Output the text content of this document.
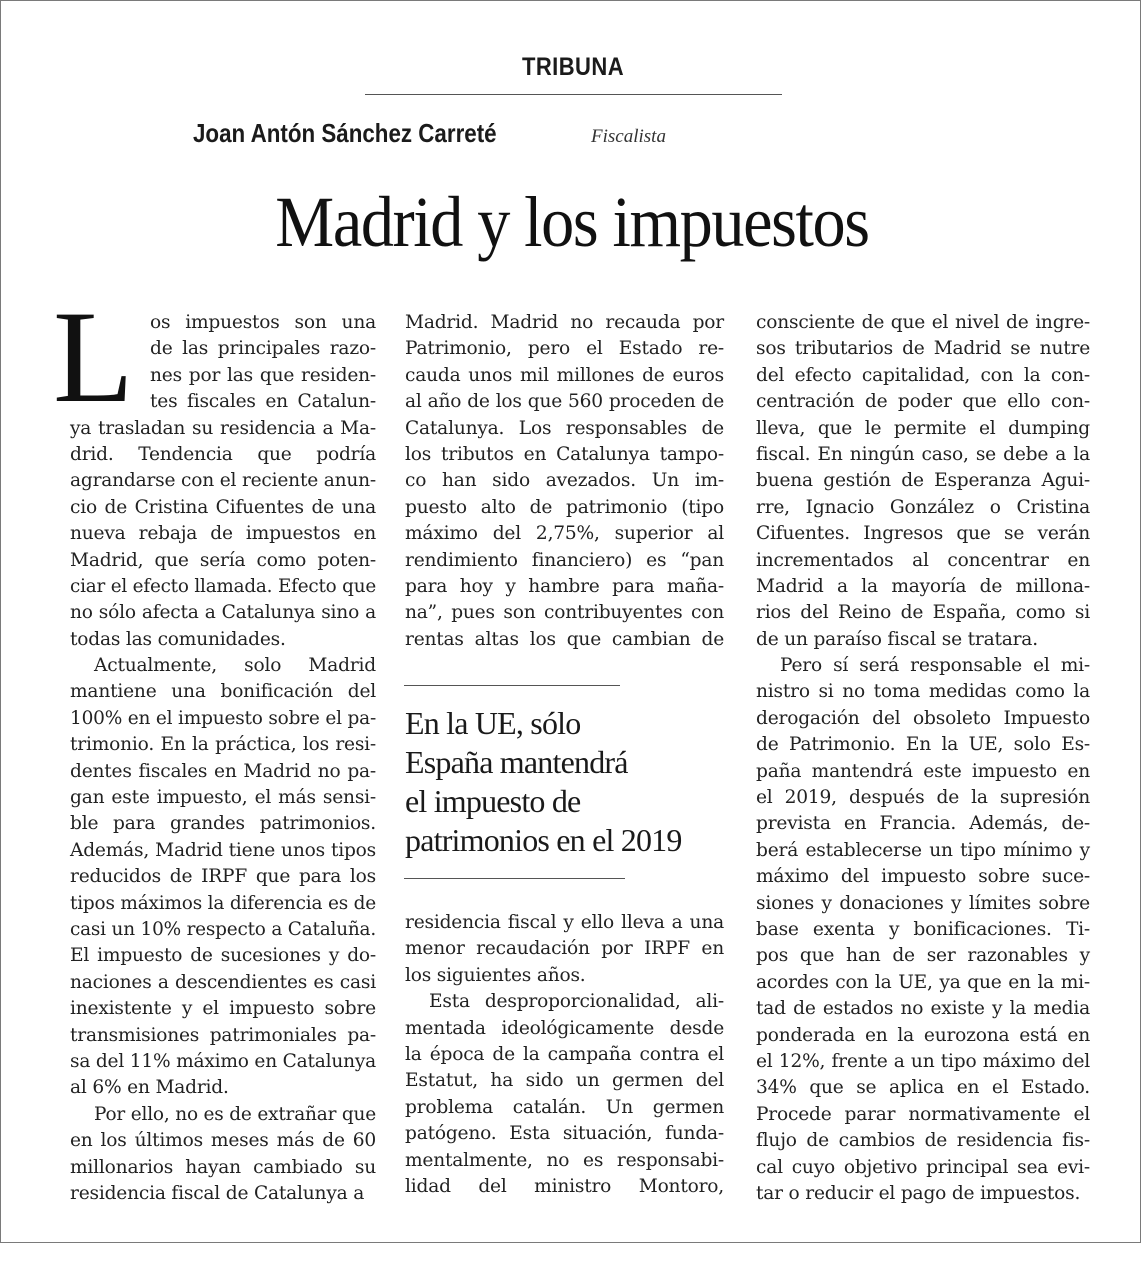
TRIBUNA
Joan Antón Sánchez Carreté	Fiscalista
Madrid y los impuestos
L os impuestos son una
de las principales razo-
nes por las que residen-
tes fiscales en Catalun-
ya trasladan su residencia a Ma-
drid. Tendencia que podría
agrandarse con el reciente anun-
cio de Cristina Cifuentes de una
nueva rebaja de impuestos en
Madrid, que sería como poten-
ciar el efecto llamada. Efecto que
no sólo afecta a Catalunya sino a
todas las comunidades.
Actualmente, solo Madrid
mantiene una bonificación del
100% en el impuesto sobre el pa-
trimonio. En la práctica, los resi-
dentes fiscales en Madrid no pa-
gan este impuesto, el más sensi-
ble para grandes patrimonios.
Además, Madrid tiene unos tipos
reducidos de IRPF que para los
tipos máximos la diferencia es de
casi un 10% respecto a Cataluña.
El impuesto de sucesiones y do-
naciones a descendientes es casi
inexistente y el impuesto sobre
transmisiones patrimoniales pa-
sa del 11% máximo en Catalunya
al 6% en Madrid.
Por ello, no es de extrañar que
en los últimos meses más de 60
millonarios hayan cambiado su
residencia fiscal de Catalunya a
Madrid. Madrid no recauda por
Patrimonio, pero el Estado re-
cauda unos mil millones de euros
al año de los que 560 proceden de
Catalunya. Los responsables de
los tributos en Catalunya tampo-
co han sido avezados. Un im-
puesto alto de patrimonio (tipo
máximo del 2,75%, superior al
rendimiento financiero) es “pan
para hoy y hambre para maña-
na”, pues son contribuyentes con
rentas altas los que cambian de
En la UE, sólo
España mantendrá
el impuesto de
patrimonios en el 2019
residencia fiscal y ello lleva a una
menor recaudación por IRPF en
los siguientes años.
Esta desproporcionalidad, ali-
mentada ideológicamente desde
la época de la campaña contra el
Estatut, ha sido un germen del
problema catalán. Un germen
patógeno. Esta situación, funda-
mentalmente, no es responsabi-
lidad del ministro Montoro,
consciente de que el nivel de ingre-
sos tributarios de Madrid se nutre
del efecto capitalidad, con la con-
centración de poder que ello con-
lleva, que le permite el dumping
fiscal. En ningún caso, se debe a la
buena gestión de Esperanza Agui-
rre, Ignacio González o Cristina
Cifuentes. Ingresos que se verán
incrementados al concentrar en
Madrid a la mayoría de millona-
rios del Reino de España, como si
de un paraíso fiscal se tratara.
Pero sí será responsable el mi-
nistro si no toma medidas como la
derogación del obsoleto Impuesto
de Patrimonio. En la UE, solo Es-
paña mantendrá este impuesto en
el 2019, después de la supresión
prevista en Francia. Además, de-
berá establecerse un tipo mínimo y
máximo del impuesto sobre suce-
siones y donaciones y límites sobre
base exenta y bonificaciones. Ti-
pos que han de ser razonables y
acordes con la UE, ya que en la mi-
tad de estados no existe y la media
ponderada en la eurozona está en
el 12%, frente a un tipo máximo del
34% que se aplica en el Estado.
Procede parar normativamente el
flujo de cambios de residencia fis-
cal cuyo objetivo principal sea evi-
tar o reducir el pago de impuestos.
